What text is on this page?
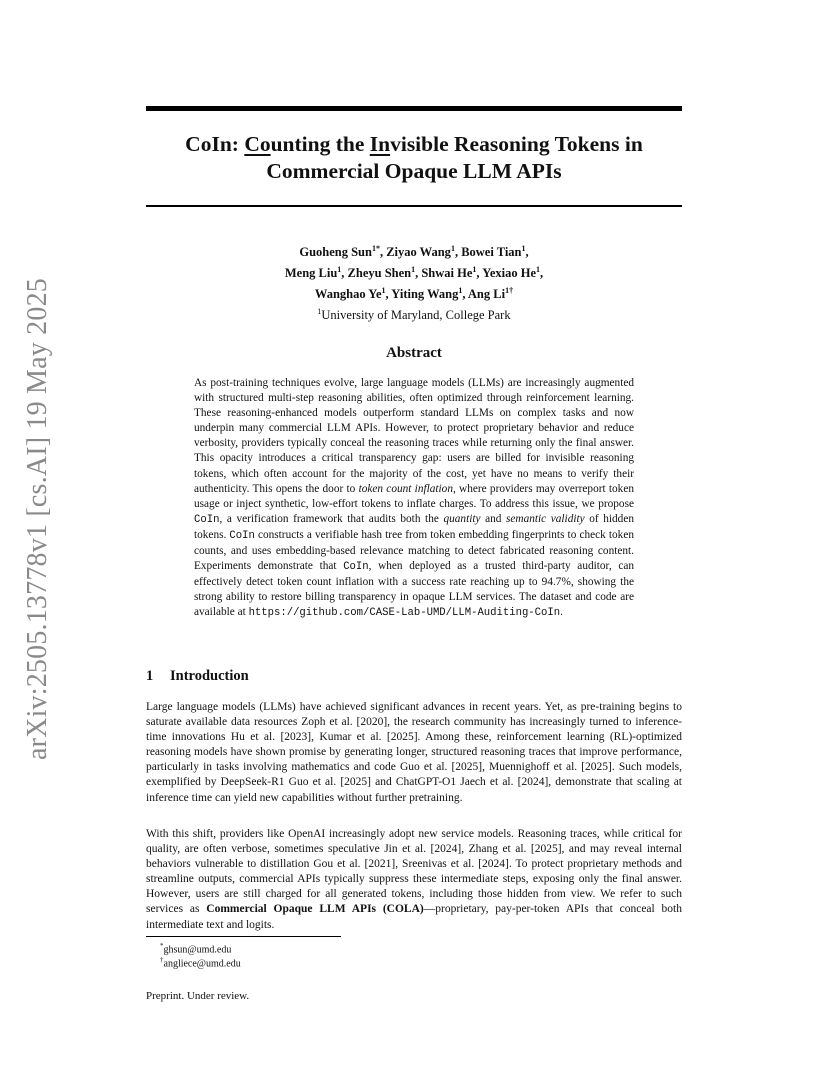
arXiv:2505.13778v1 [cs.AI] 19 May 2025
CoIn: Counting the Invisible Reasoning Tokens in
Commercial Opaque LLM APIs
Guoheng Sun$^{1*}$, Ziyao Wang$^1$, Bowei Tian$^1$,
Meng Liu$^1$, Zheyu Shen$^1$, Shwai He$^1$, Yexiao He$^1$,
Wanghao Ye$^1$, Yiting Wang$^1$, Ang $Li^{1\dagger}$
$^1$University of Maryland, College Park
Abstract
As post-training techniques evolve, large language models (LLMs) are increasingly augmented with structured multi-step reasoning abilities, often optimized through reinforcement learning. These reasoning-enhanced models outperform standard LLMs on complex tasks and now underpin many commercial LLM APIs. However, to protect proprietary behavior and reduce verbosity, providers typically conceal the reasoning traces while returning only the final answer. This opacity introduces a critical transparency gap: users are billed for invisible reasoning tokens, which often account for the majority of the cost, yet have no means to verify their authenticity. This opens the door to token count inflation, where providers may overreport token usage or inject synthetic, low-effort tokens to inflate charges. To address this issue, we propose CoIn, a verification framework that audits both the quantity and semantic validity of hidden tokens. CoIn constructs a verifiable hash tree from token embedding fingerprints to check token counts, and uses embedding-based relevance matching to detect fabricated reasoning content. Experiments demonstrate that CoIn, when deployed as a trusted third-party auditor, can effectively detect token count inflation with a success rate reaching up to 94.7%, showing the strong ability to restore billing transparency in opaque LLM services. The dataset and code are available at https://github.com/CASE-Lab-UMD/LLM-Auditing-CoIn.
1 Introduction
Large language models (LLMs) have achieved significant advances in recent years. Yet, as pre-training begins to saturate available data resources Zoph et al. [2020], the research community has increasingly turned to inference-time innovations Hu et al. [2023], Kumar et al. [2025]. Among these, reinforcement learning (RL)-optimized reasoning models have shown promise by generating longer, structured reasoning traces that improve performance, particularly in tasks involving mathematics and code Guo et al. [2025], Muennighoff et al. [2025]. Such models, exemplified by DeepSeek-R1 Guo et al. [2025] and ChatGPT-O1 Jaech et al. [2024], demonstrate that scaling at inference time can yield new capabilities without further pretraining.
With this shift, providers like OpenAI increasingly adopt new service models. Reasoning traces, while critical for quality, are often verbose, sometimes speculative Jin et al. [2024], Zhang et al. [2025], and may reveal internal behaviors vulnerable to distillation Gou et al. [2021], Sreenivas et al. [2024]. To protect proprietary methods and streamline outputs, commercial APIs typically suppress these intermediate steps, exposing only the final answer. However, users are still charged for all generated tokens, including those hidden from view. We refer to such services as Commercial Opaque LLM APIs (COLA)—proprietary, pay-per-token APIs that conceal both intermediate text and logits.
*ghsun@umd.edu
†angliece@umd.edu
Preprint. Under review.
